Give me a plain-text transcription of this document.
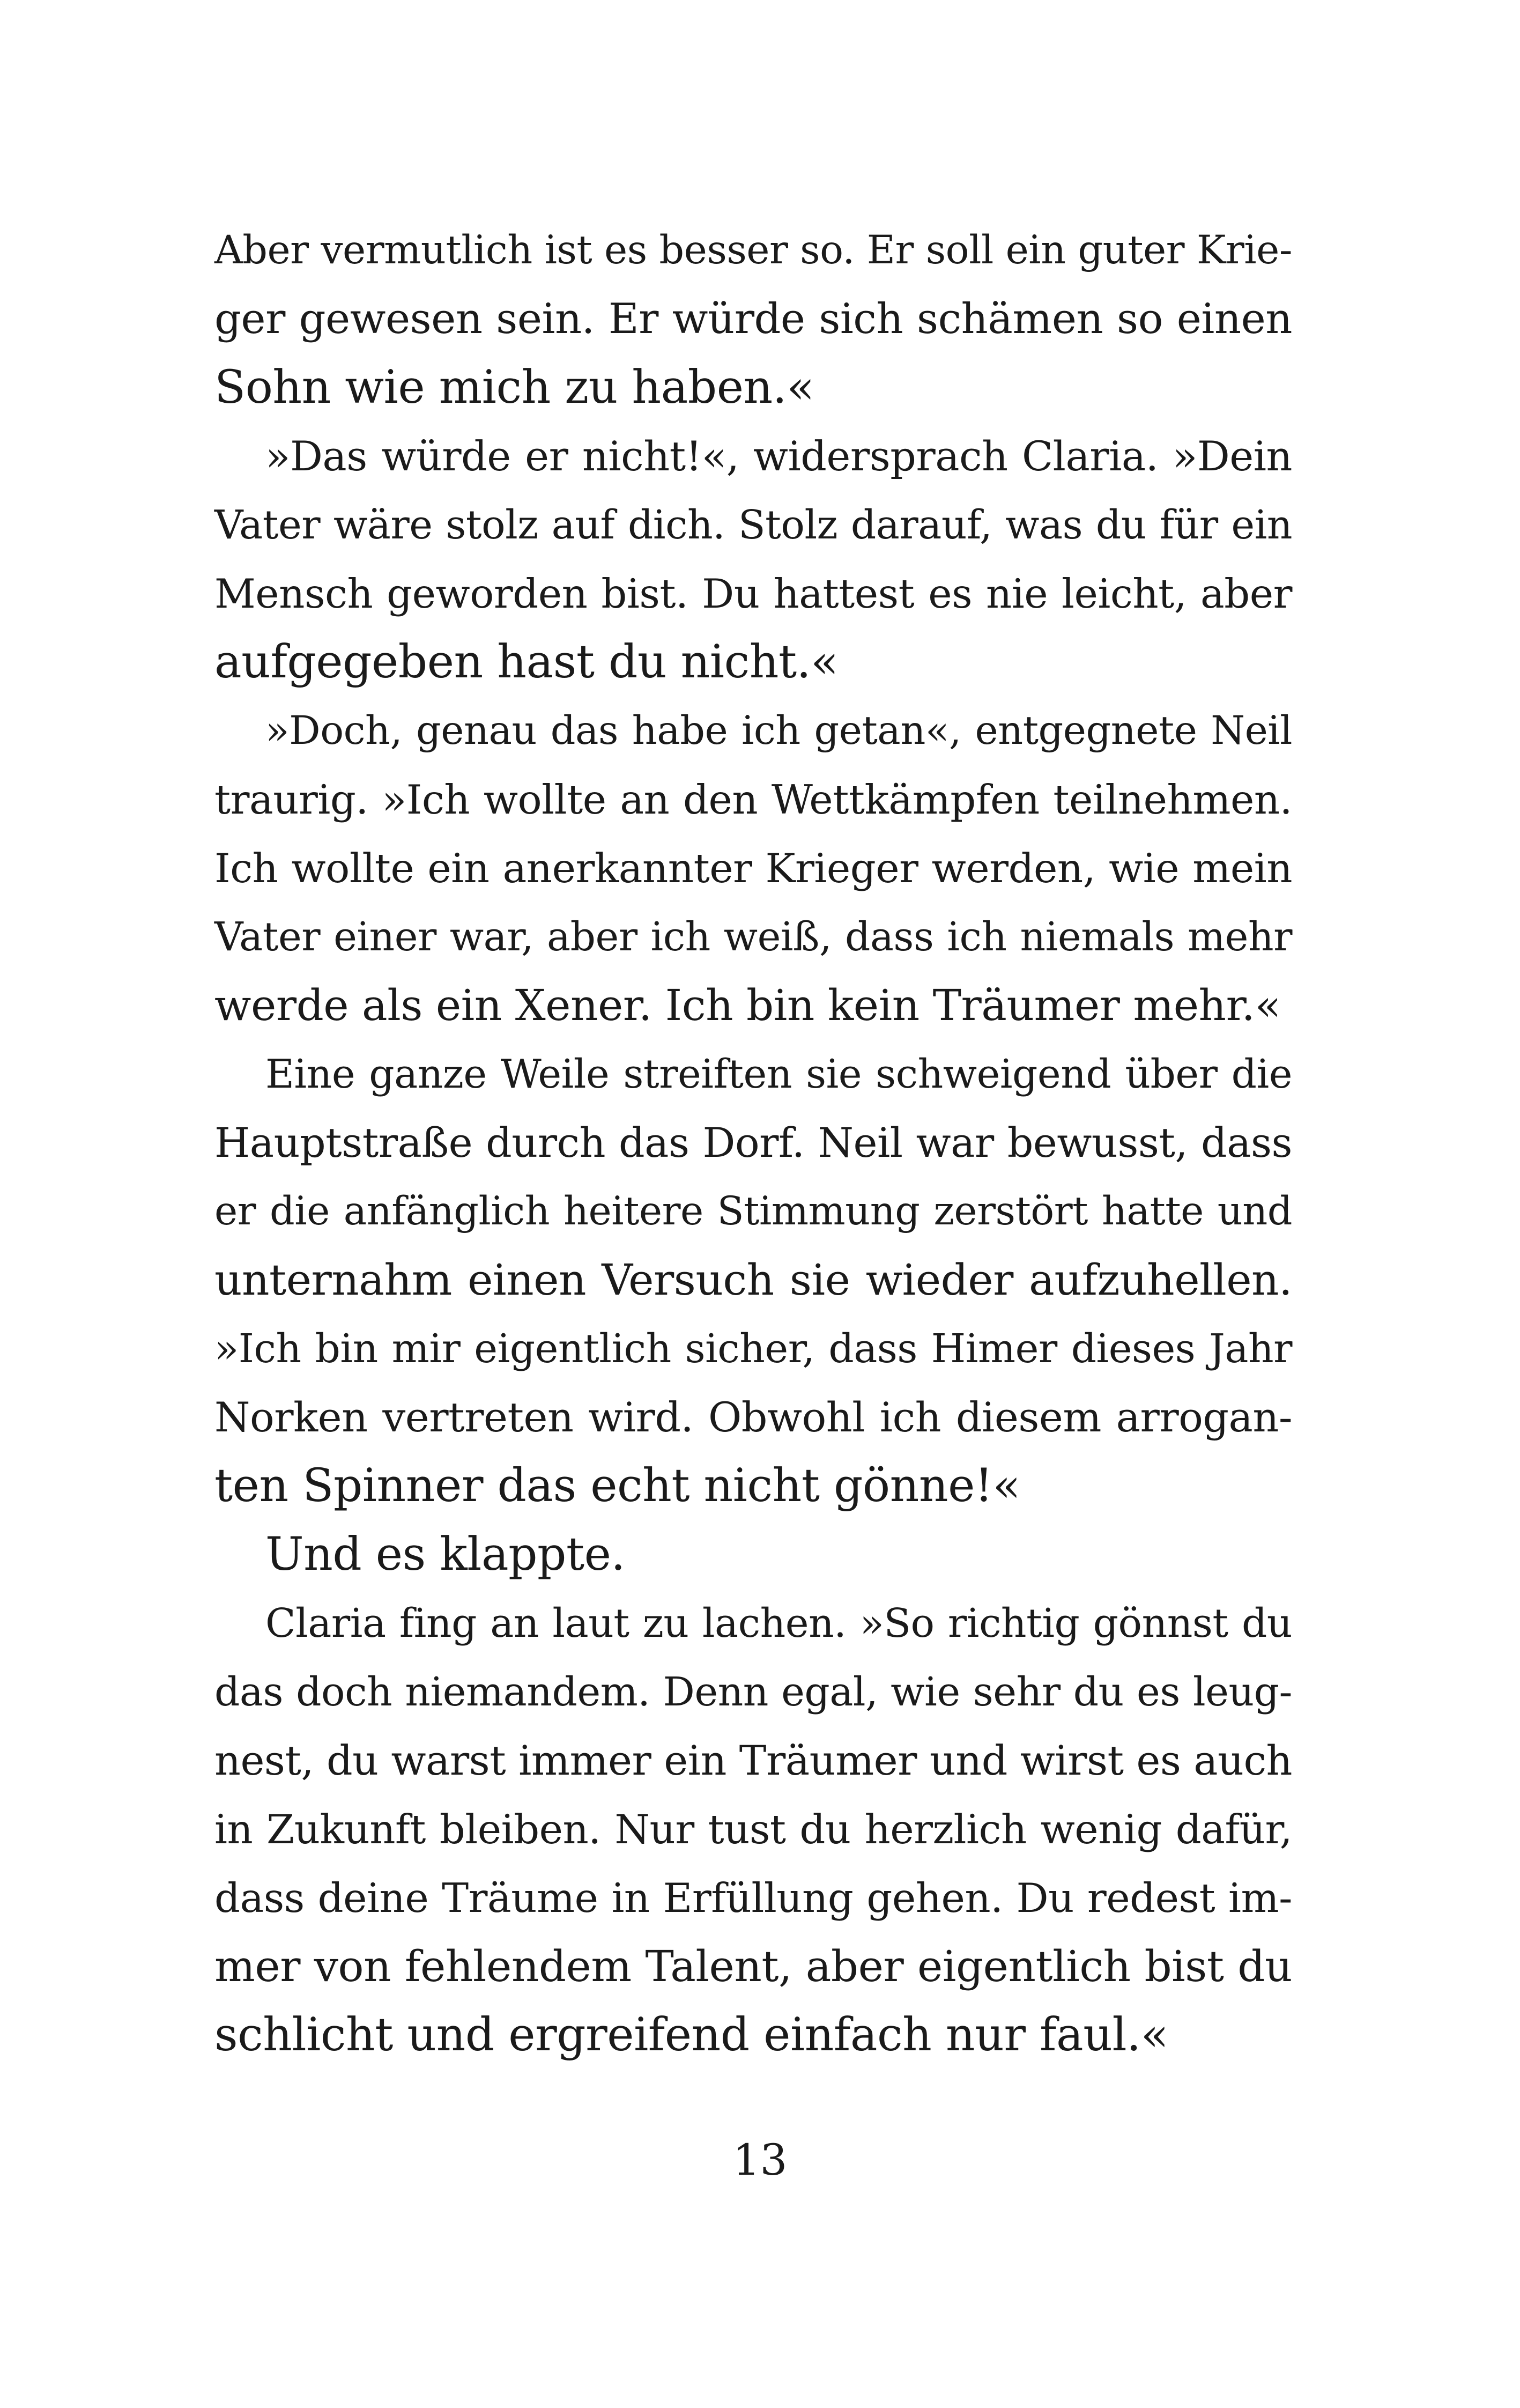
Aber vermutlich ist es besser so. Er soll ein guter Krie-
ger gewesen sein. Er würde sich schämen so einen
Sohn wie mich zu haben.«
»Das würde er nicht!«, widersprach Claria. »Dein
Vater wäre stolz auf dich. Stolz darauf, was du für ein
Mensch geworden bist. Du hattest es nie leicht, aber
aufgegeben hast du nicht.«
»Doch, genau das habe ich getan«, entgegnete Neil
traurig. »Ich wollte an den Wettkämpfen teilnehmen.
Ich wollte ein anerkannter Krieger werden, wie mein
Vater einer war, aber ich weiß, dass ich niemals mehr
werde als ein Xener. Ich bin kein Träumer mehr.«
Eine ganze Weile streiften sie schweigend über die
Hauptstraße durch das Dorf. Neil war bewusst, dass
er die anfänglich heitere Stimmung zerstört hatte und
unternahm einen Versuch sie wieder aufzuhellen.
»Ich bin mir eigentlich sicher, dass Himer dieses Jahr
Norken vertreten wird. Obwohl ich diesem arrogan-
ten Spinner das echt nicht gönne!«
Und es klappte.
Claria fing an laut zu lachen. »So richtig gönnst du
das doch niemandem. Denn egal, wie sehr du es leug-
nest, du warst immer ein Träumer und wirst es auch
in Zukunft bleiben. Nur tust du herzlich wenig dafür,
dass deine Träume in Erfüllung gehen. Du redest im-
mer von fehlendem Talent, aber eigentlich bist du
schlicht und ergreifend einfach nur faul.«
13
